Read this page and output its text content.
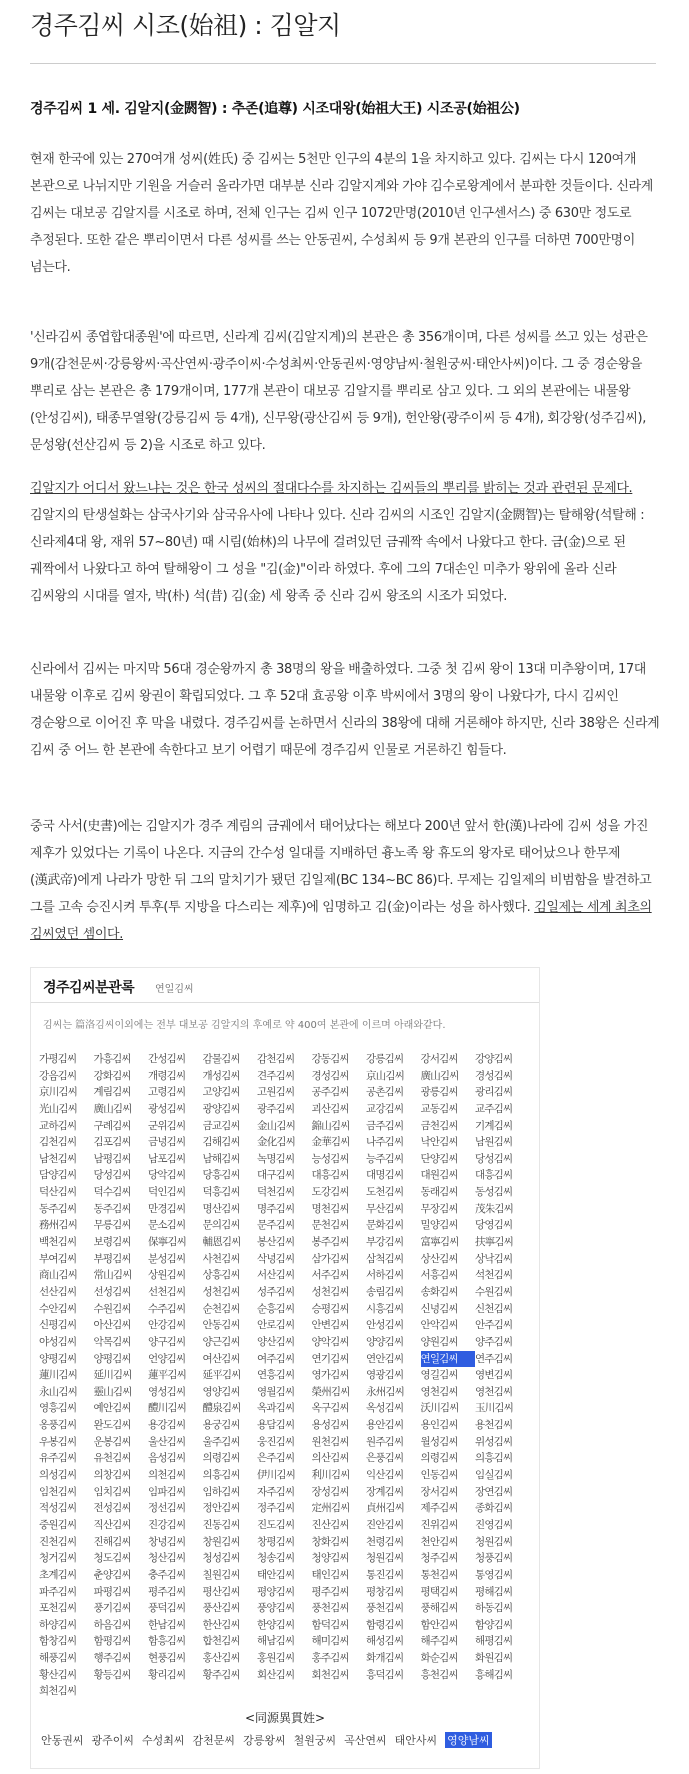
경주김씨 시조(始祖) : 김알지
경주김씨 1 세. 김알지(金閼智) : 추존(追尊) 시조대왕(始祖大王) 시조공(始祖公)

현재 한국에 있는 270여개 성씨(姓氏) 중 김씨는 5천만 인구의 4분의 1을 차지하고 있다. 김씨는 다시 120여개 본관으로 나뉘지만 기원을 거슬러 올라가면 대부분 신라 김알지계와 가야 김수로왕계에서 분파한 것들이다. 신라계 김씨는 대보공 김알지를 시조로 하며, 전체 인구는 김씨 인구 1072만명(2010년 인구센서스) 중 630만 정도로 추정된다. 또한 같은 뿌리이면서 다른 성씨를 쓰는 안동권씨, 수성최씨 등 9개 본관의 인구를 더하면 700만명이 넘는다.

'신라김씨 종엽합대종원'에 따르면, 신라계 김씨(김알지계)의 본관은 총 356개이며, 다른 성씨를 쓰고 있는 성관은 9개(감천문씨·강릉왕씨·곡산연씨·광주이씨·수성최씨·안동권씨·영양남씨·철원궁씨·태안사씨)이다. 그 중 경순왕을 뿌리로 삼는 본관은 총 179개이며, 177개 본관이 대보공 김알지를 뿌리로 삼고 있다. 그 외의 본관에는 내물왕(안성김씨), 태종무열왕(강릉김씨 등 4개), 신무왕(광산김씨 등 9개), 헌안왕(광주이씨 등 4개), 회강왕(성주김씨), 문성왕(선산김씨 등 2)을 시조로 하고 있다.

김알지가 어디서 왔느냐는 것은 한국 성씨의 절대다수를 차지하는 김씨들의 뿌리를 밝히는 것과 관련된 문제다. 김알지의 탄생설화는 삼국사기와 삼국유사에 나타나 있다. 신라 김씨의 시조인 김알지(金閼智)는 탈해왕(석탈해 : 신라제4대 왕, 재위 57~80년) 때 시림(始林)의 나무에 걸려있던 금궤짝 속에서 나왔다고 한다. 금(金)으로 된 궤짝에서 나왔다고 하여 탈해왕이 그 성을 "김(金)"이라 하였다. 후에 그의 7대손인 미추가 왕위에 올라 신라 김씨왕의 시대를 열자, 박(朴) 석(昔) 김(金) 세 왕족 중 신라 김씨 왕조의 시조가 되었다.

신라에서 김씨는 마지막 56대 경순왕까지 총 38명의 왕을 배출하였다. 그중 첫 김씨 왕이 13대 미추왕이며, 17대 내물왕 이후로 김씨 왕권이 확립되었다. 그 후 52대 효공왕 이후 박씨에서 3명의 왕이 나왔다가, 다시 김씨인 경순왕으로 이어진 후 막을 내렸다. 경주김씨를 논하면서 신라의 38왕에 대해 거론해야 하지만, 신라 38왕은 신라계 김씨 중 어느 한 본관에 속한다고 보기 어렵기 때문에 경주김씨 인물로 거론하긴 힘들다.

중국 사서(史書)에는 김알지가 경주 계림의 금궤에서 태어났다는 해보다 200년 앞서 한(漢)나라에 김씨 성을 가진 제후가 있었다는 기록이 나온다. 지금의 간수성 일대를 지배하던 흉노족 왕 휴도의 왕자로 태어났으나 한무제(漢武帝)에게 나라가 망한 뒤 그의 말치기가 됐던 김일제(BC 134~BC 86)다. 무제는 김일제의 비범함을 발견하고 그를 고속 승진시켜 투후(투 지방을 다스리는 제후)에 임명하고 김(金)이라는 성을 하사했다. 김일제는 세계 최초의 김씨였던 셈이다.

경주김씨분관록 연일김씨
김씨는 篇洛김씨이외에는 전부 대보공 김알지의 후예로 약 400여 본관에 이르며 아래와같다.
가평김씨	가흥김씨	간성김씨	감물김씨	감천김씨	강동김씨	강릉김씨	강서김씨	강양김씨
강음김씨	강화김씨	개령김씨	개성김씨	견주김씨	경성김씨	京山김씨	廣山김씨	경성김씨
京川김씨	계림김씨	고령김씨	고양김씨	고원김씨	공주김씨	공촌김씨	광릉김씨	광리김씨
光山김씨	廣山김씨	광성김씨	광양김씨	광주김씨	괴산김씨	교강김씨	교동김씨	교주김씨
교하김씨	구례김씨	군위김씨	금교김씨	金山김씨	錦山김씨	금주김씨	금천김씨	기계김씨
김천김씨	김포김씨	금녕김씨	김해김씨	金化김씨	金華김씨	나주김씨	낙안김씨	남원김씨
남천김씨	남평김씨	남포김씨	남해김씨	녹명김씨	능성김씨	능주김씨	단양김씨	당성김씨
담양김씨	당성김씨	당악김씨	당흥김씨	대구김씨	대흥김씨	대명김씨	대원김씨	대흥김씨
덕산김씨	덕수김씨	덕인김씨	덕흥김씨	덕천김씨	도강김씨	도천김씨	동래김씨	동성김씨
동주김씨	동주김씨	만경김씨	명산김씨	명주김씨	명천김씨	무산김씨	무장김씨	茂朱김씨
務州김씨	무릉김씨	문소김씨	문의김씨	문주김씨	문천김씨	문화김씨	밀양김씨	당영김씨
백천김씨	보령김씨	保寧김씨	輔恩김씨	봉산김씨	봉주김씨	부강김씨	富寧김씨	扶寧김씨
부여김씨	부평김씨	분성김씨	사천김씨	삭녕김씨	삼가김씨	삼척김씨	상산김씨	상낙김씨
商山김씨	常山김씨	상원김씨	상흥김씨	서산김씨	서주김씨	서하김씨	서흥김씨	석천김씨
선산김씨	선성김씨	선천김씨	성천김씨	성주김씨	성천김씨	송림김씨	송화김씨	수원김씨
수안김씨	수원김씨	수주김씨	순천김씨	순흥김씨	승평김씨	시흥김씨	신녕김씨	신천김씨
신평김씨	아산김씨	안강김씨	안동김씨	안로김씨	안변김씨	안성김씨	안악김씨	안주김씨
야성김씨	악목김씨	양구김씨	양근김씨	양산김씨	양악김씨	양양김씨	양원김씨	양주김씨
양평김씨	양평김씨	언양김씨	여산김씨	여주김씨	연기김씨	연안김씨	연일김씨	연주김씨
蓮川김씨	延川김씨	蓮平김씨	延平김씨	연흥김씨	영가김씨	영광김씨	영길김씨	영변김씨
永山김씨	靈山김씨	영성김씨	영양김씨	영월김씨	榮州김씨	永州김씨	영천김씨	영천김씨
영흥김씨	예안김씨	醴川김씨	醴泉김씨	옥과김씨	옥구김씨	옥성김씨	沃川김씨	玉川김씨
옹풍김씨	완도김씨	용강김씨	용궁김씨	용담김씨	용성김씨	용안김씨	용인김씨	용천김씨
우봉김씨	운봉김씨	울산김씨	울주김씨	웅진김씨	원천김씨	원주김씨	월성김씨	위성김씨
유주김씨	유천김씨	음성김씨	의령김씨	은주김씨	의산김씨	은풍김씨	의령김씨	의흥김씨
의성김씨	의창김씨	의천김씨	의흥김씨	伊川김씨	利川김씨	익산김씨	인동김씨	임실김씨
임천김씨	임치김씨	임파김씨	임하김씨	자주김씨	장성김씨	장계김씨	장서김씨	장연김씨
적성김씨	전성김씨	정선김씨	정안김씨	정주김씨	定州김씨	貞州김씨	제주김씨	종화김씨
중원김씨	직산김씨	진강김씨	진동김씨	진도김씨	진산김씨	진안김씨	진위김씨	진영김씨
진천김씨	진해김씨	창녕김씨	창원김씨	창평김씨	창화김씨	천령김씨	천안김씨	청원김씨
청거김씨	청도김씨	청산김씨	청성김씨	청송김씨	청양김씨	청원김씨	청주김씨	청풍김씨
초계김씨	춘양김씨	충주김씨	칠원김씨	태안김씨	태인김씨	통진김씨	통천김씨	통영김씨
파주김씨	파평김씨	평주김씨	평산김씨	평양김씨	평주김씨	평창김씨	평택김씨	평해김씨
포천김씨	풍기김씨	풍덕김씨	풍산김씨	풍양김씨	풍천김씨	풍천김씨	풍해김씨	하동김씨
하양김씨	하음김씨	한남김씨	한산김씨	한양김씨	함덕김씨	함령김씨	함안김씨	함양김씨
함창김씨	함평김씨	함흥김씨	합천김씨	해남김씨	해미김씨	해성김씨	해주김씨	해평김씨
해풍김씨	행주김씨	현풍김씨	홍산김씨	홍원김씨	홍주김씨	화개김씨	화순김씨	화원김씨
황산김씨	황등김씨	황리김씨	황주김씨	회산김씨	회천김씨	흥덕김씨	흥천김씨	흥해김씨
희천김씨
<同源異貫姓>
안동권씨 광주이씨 수성최씨 감천문씨 강릉왕씨 철원궁씨 곡산연씨 태안사씨 영양남씨
